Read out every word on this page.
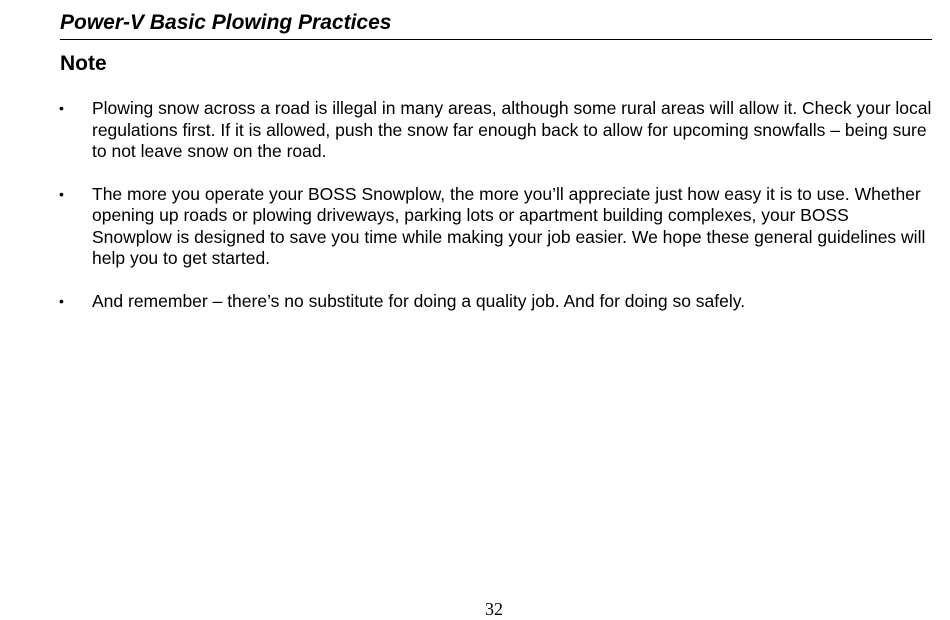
Power-V Basic Plowing Practices
Note
• Plowing snow across a road is illegal in many areas, although some rural areas will allow it. Check your local regulations first. If it is allowed, push the snow far enough back to allow for upcoming snowfalls – being sure to not leave snow on the road.
• The more you operate your BOSS Snowplow, the more you’ll appreciate just how easy it is to use. Whether opening up roads or plowing driveways, parking lots or apartment building complexes, your BOSS Snowplow is designed to save you time while making your job easier. We hope these general guidelines will help you to get started.
• And remember – there’s no substitute for doing a quality job. And for doing so safely.
32
